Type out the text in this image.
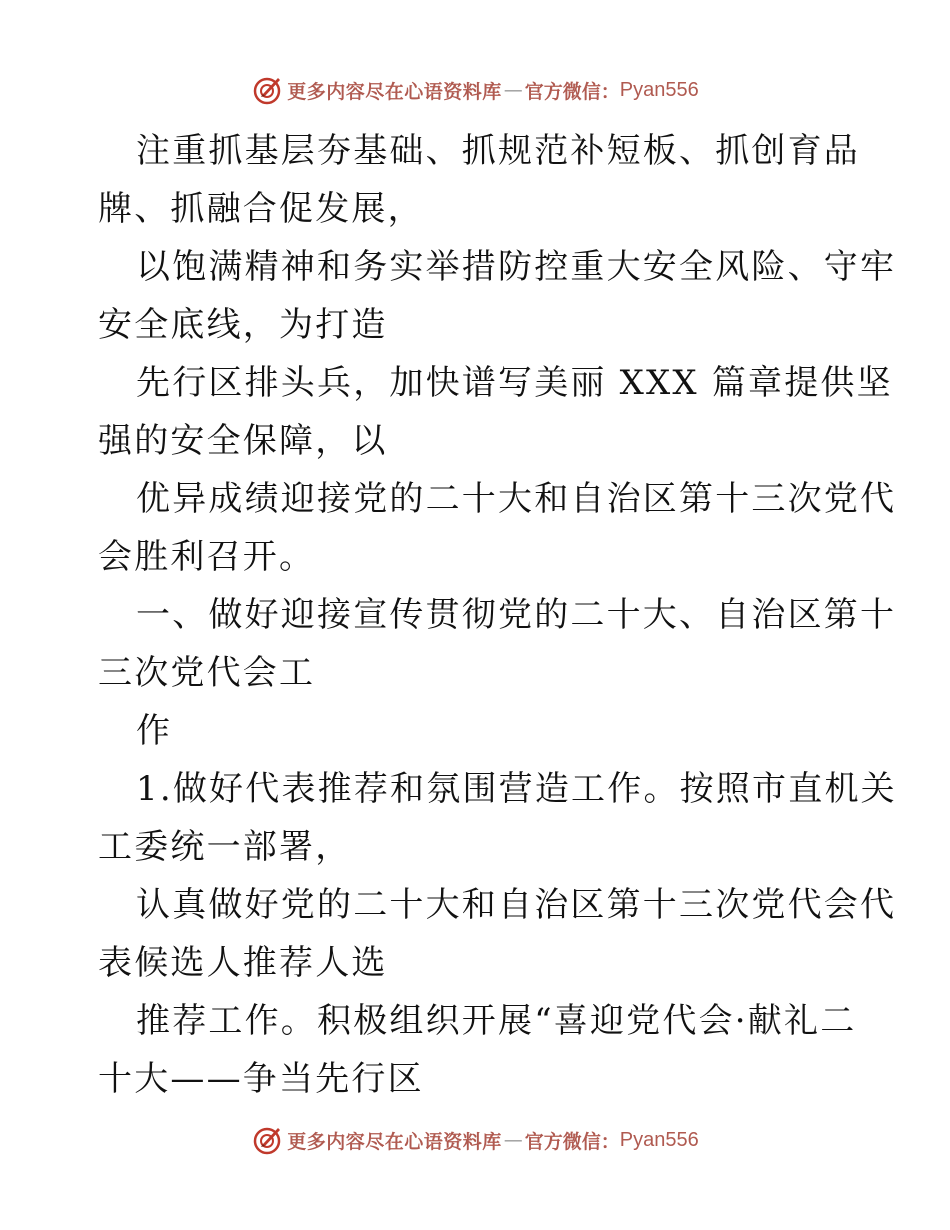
更多内容尽在心语资料库 — 官方微信： Pyan556
注重抓基层夯基础、抓规范补短板、抓创育品
牌、抓融合促发展，
以饱满精神和务实举措防控重大安全风险、守牢
安全底线，为打造
先行区排头兵，加快谱写美丽 XXX 篇章提供坚
强的安全保障，以
优异成绩迎接党的二十大和自治区第十三次党代
会胜利召开。
一、做好迎接宣传贯彻党的二十大、自治区第十
三次党代会工
作
1.做好代表推荐和氛围营造工作。按照市直机关
工委统一部署，
认真做好党的二十大和自治区第十三次党代会代
表候选人推荐人选
推荐工作。积极组织开展“喜迎党代会·献礼二
十大——争当先行区
更多内容尽在心语资料库 — 官方微信： Pyan556
